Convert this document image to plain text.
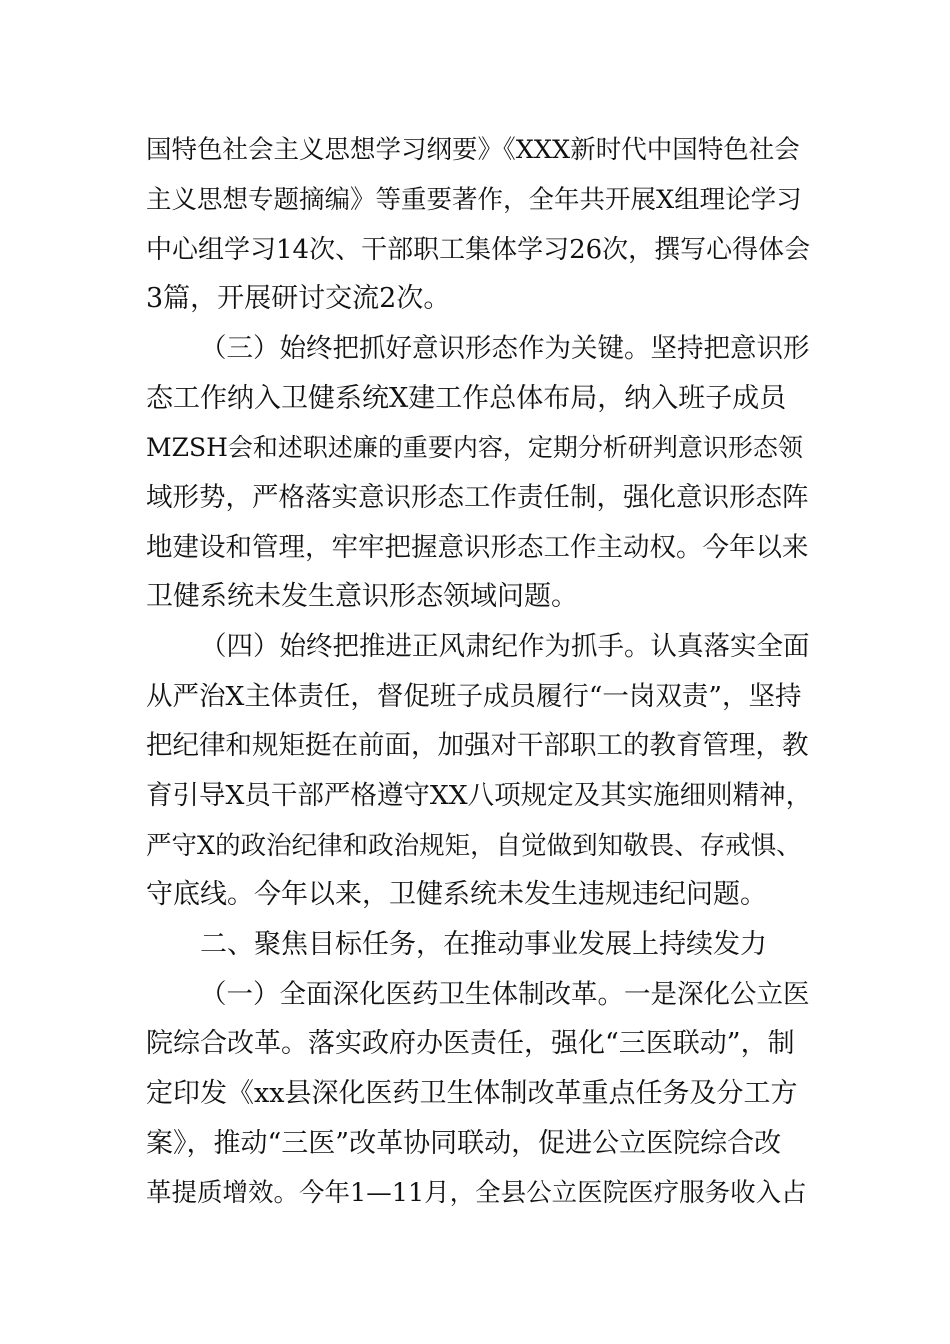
国特色社会主义思想学习纲要》《XXX新时代中国特色社会
主义思想专题摘编》等重要著作，全年共开展X组理论学习
中心组学习14次、干部职工集体学习26次，撰写心得体会
3篇，开展研讨交流2次。
（三）始终把抓好意识形态作为关键。坚持把意识形
态工作纳入卫健系统X建工作总体布局，纳入班子成员
MZSH会和述职述廉的重要内容，定期分析研判意识形态领
域形势，严格落实意识形态工作责任制，强化意识形态阵
地建设和管理，牢牢把握意识形态工作主动权。今年以来
卫健系统未发生意识形态领域问题。
（四）始终把推进正风肃纪作为抓手。认真落实全面
从严治X主体责任，督促班子成员履行“一岗双责”，坚持
把纪律和规矩挺在前面，加强对干部职工的教育管理，教
育引导X员干部严格遵守XX八项规定及其实施细则精神，
严守X的政治纪律和政治规矩，自觉做到知敬畏、存戒惧、
守底线。今年以来，卫健系统未发生违规违纪问题。
二、聚焦目标任务，在推动事业发展上持续发力
（一）全面深化医药卫生体制改革。一是深化公立医
院综合改革。落实政府办医责任，强化“三医联动”，制
定印发《xx县深化医药卫生体制改革重点任务及分工方
案》，推动“三医”改革协同联动，促进公立医院综合改
革提质增效。今年1—11月，全县公立医院医疗服务收入占
